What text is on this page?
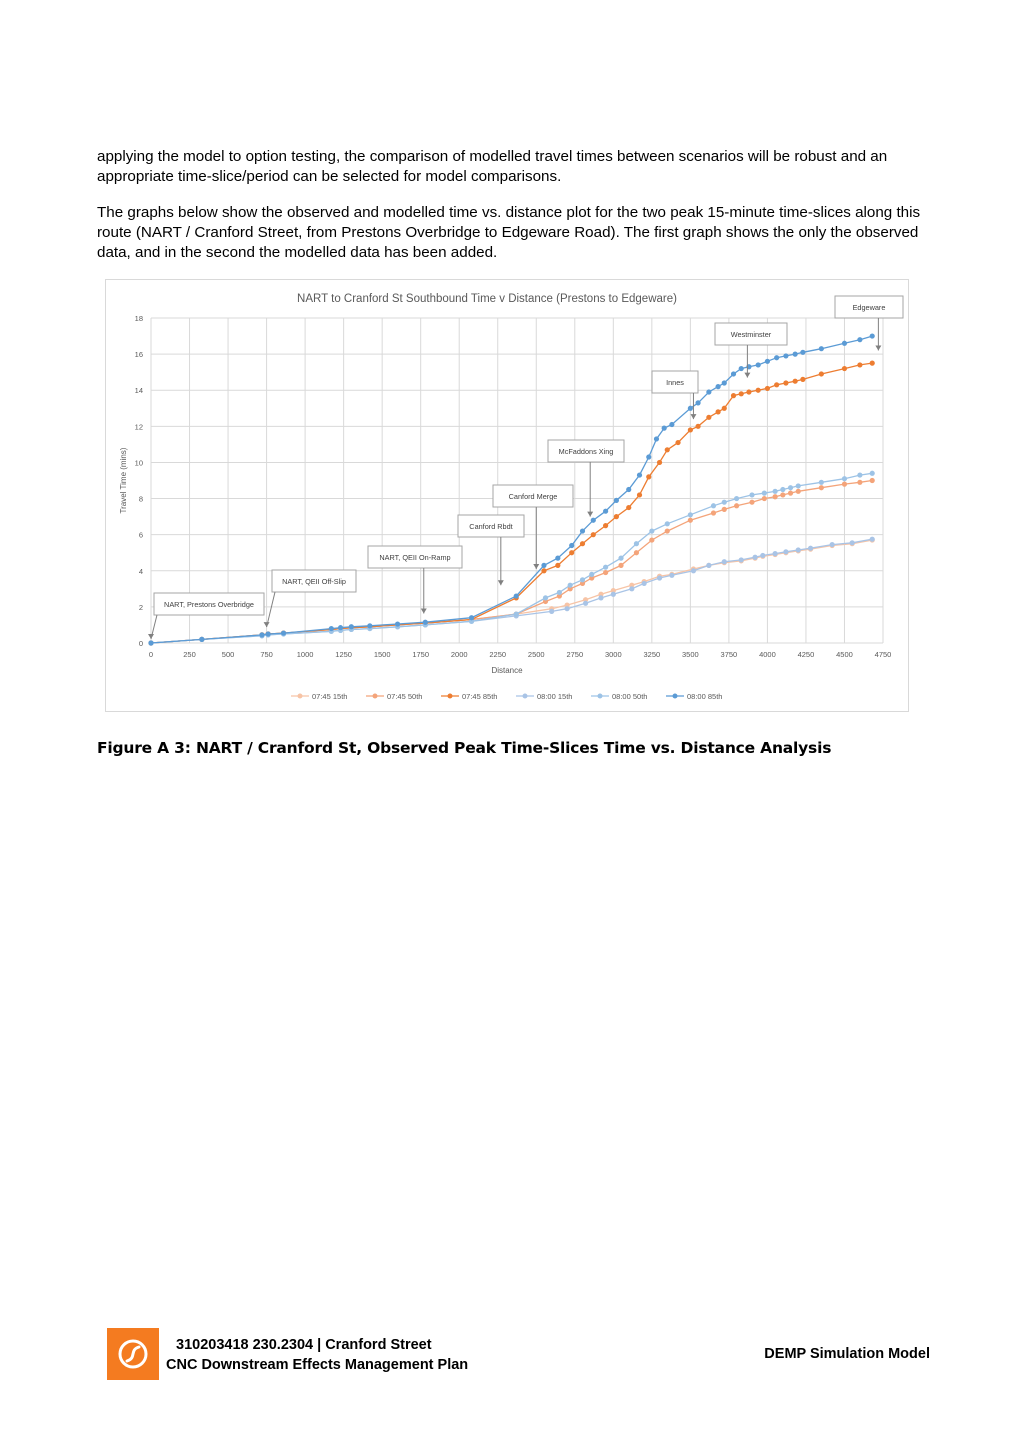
applying the model to option testing, the comparison of modelled travel times between scenarios will be robust and an appropriate time-slice/period can be selected for model comparisons.

The graphs below show the observed and modelled time vs. distance plot for the two peak 15-minute time-slices along this route (NART / Cranford Street, from Prestons Overbridge to Edgeware Road). The first graph shows the only the observed data, and in the second the modelled data has been added.

NART to Cranford St Southbound Time v Distance (Prestons to Edgeware)
0
2
4
6
8
10
12
14
16
18
0	250	500	750	1000	1250	1500	1750	2000	2250	2500	2750	3000	3250	3500	3750	4000	4250	4500	4750
Distance
Travel Time (mins)
NART, Prestons Overbridge
NART, QEII Off-Slip
NART, QEII On-Ramp
Canford Rbdt
Canford Merge
McFaddons Xing
Innes
Westminster
Edgeware
07:45 15th	07:45 50th	07:45 85th	08:00 15th	08:00 50th	08:00 85th
Figure A 3: NART / Cranford St, Observed Peak Time-Slices Time vs. Distance Analysis
310203418 230.2304 | Cranford Street
CNC Downstream Effects Management Plan
DEMP Simulation Model
